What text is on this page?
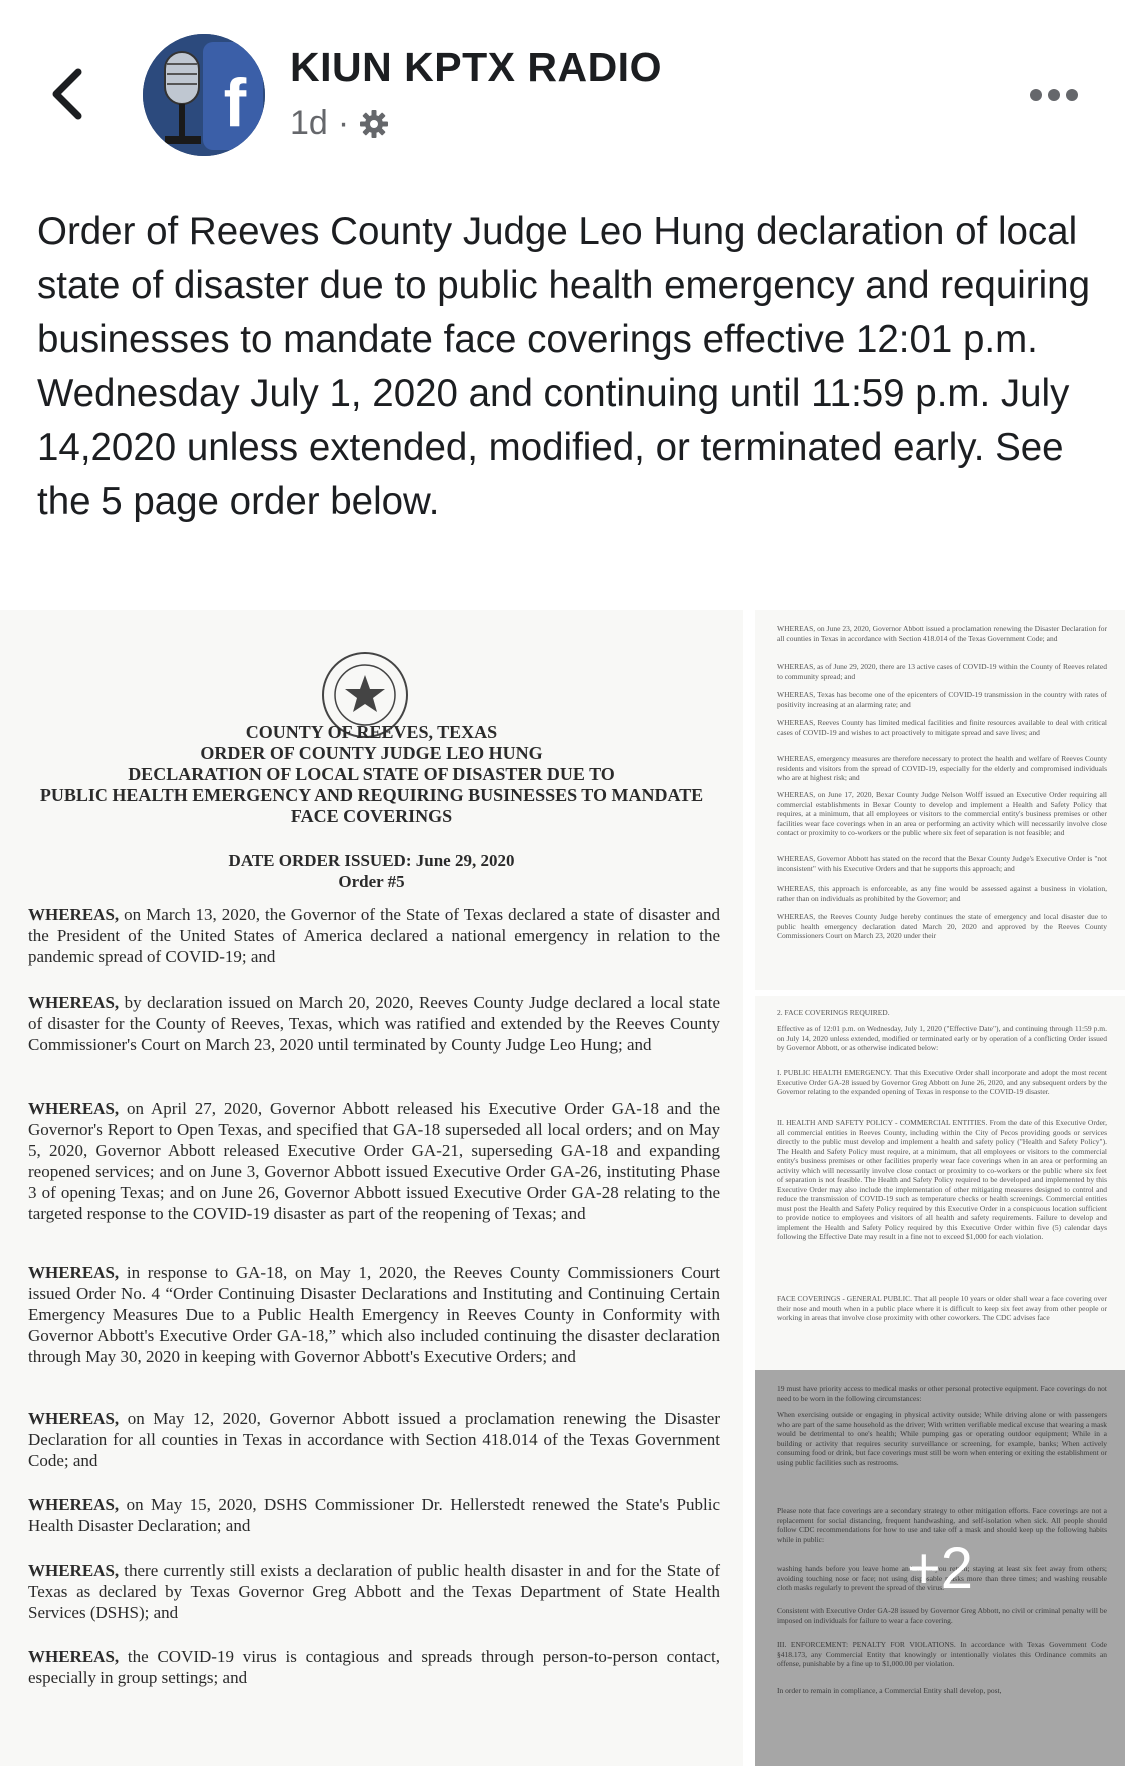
f KIUN KPTX RADIO
1d ·

Order of Reeves County Judge Leo Hung declaration of local state of disaster due to public health emergency and requiring businesses to mandate face coverings effective 12:01 p.m. Wednesday July 1, 2020 and continuing until 11:59 p.m. July 14,2020 unless extended, modified, or terminated early. See the 5 page order below.

COUNTY OF REEVES, TEXAS
ORDER OF COUNTY JUDGE LEO HUNG
DECLARATION OF LOCAL STATE OF DISASTER DUE TO
PUBLIC HEALTH EMERGENCY AND REQUIRING BUSINESSES TO MANDATE
FACE COVERINGS
DATE ORDER ISSUED: June 29, 2020
Order #5
WHEREAS, on March 13, 2020, the Governor of the State of Texas declared a state of disaster and the President of the United States of America declared a national emergency in relation to the pandemic spread of COVID-19; and
WHEREAS, by declaration issued on March 20, 2020, Reeves County Judge declared a local state of disaster for the County of Reeves, Texas, which was ratified and extended by the Reeves County Commissioner's Court on March 23, 2020 until terminated by County Judge Leo Hung; and
WHEREAS, on April 27, 2020, Governor Abbott released his Executive Order GA-18 and the Governor's Report to Open Texas, and specified that GA-18 superseded all local orders; and on May 5, 2020, Governor Abbott released Executive Order GA-21, superseding GA-18 and expanding reopened services; and on June 3, Governor Abbott issued Executive Order GA-26, instituting Phase 3 of opening Texas; and on June 26, Governor Abbott issued Executive Order GA-28 relating to the targeted response to the COVID-19 disaster as part of the reopening of Texas; and
WHEREAS, in response to GA-18, on May 1, 2020, the Reeves County Commissioners Court issued Order No. 4 “Order Continuing Disaster Declarations and Instituting and Continuing Certain Emergency Measures Due to a Public Health Emergency in Reeves County in Conformity with Governor Abbott's Executive Order GA-18,” which also included continuing the disaster declaration through May 30, 2020 in keeping with Governor Abbott's Executive Orders; and
WHEREAS, on May 12, 2020, Governor Abbott issued a proclamation renewing the Disaster Declaration for all counties in Texas in accordance with Section 418.014 of the Texas Government Code; and
WHEREAS, on May 15, 2020, DSHS Commissioner Dr. Hellerstedt renewed the State's Public Health Disaster Declaration; and
WHEREAS, there currently still exists a declaration of public health disaster in and for the State of Texas as declared by Texas Governor Greg Abbott and the Texas Department of State Health Services (DSHS); and
WHEREAS, the COVID-19 virus is contagious and spreads through person-to-person contact, especially in group settings; and
WHEREAS, on June 23, 2020, Governor Abbott issued a proclamation renewing the Disaster Declaration for all counties in Texas in accordance with Section 418.014 of the Texas Government Code; and
WHEREAS, as of June 29, 2020, there are 13 active cases of COVID-19 within the County of Reeves related to community spread; and
WHEREAS, Texas has become one of the epicenters of COVID-19 transmission in the country with rates of positivity increasing at an alarming rate; and
WHEREAS, Reeves County has limited medical facilities and finite resources available to deal with critical cases of COVID-19 and wishes to act proactively to mitigate spread and save lives; and
WHEREAS, emergency measures are therefore necessary to protect the health and welfare of Reeves County residents and visitors from the spread of COVID-19, especially for the elderly and compromised individuals who are at highest risk; and
WHEREAS, on June 17, 2020, Bexar County Judge Nelson Wolff issued an Executive Order requiring all commercial establishments in Bexar County to develop and implement a Health and Safety Policy that requires, at a minimum, that all employees or visitors to the commercial entity's business premises or other facilities wear face coverings when in an area or performing an activity which will necessarily involve close contact or proximity to co-workers or the public where six feet of separation is not feasible; and
WHEREAS, Governor Abbott has stated on the record that the Bexar County Judge's Executive Order is "not inconsistent" with his Executive Orders and that he supports this approach; and
WHEREAS, this approach is enforceable, as any fine would be assessed against a business in violation, rather than on individuals as prohibited by the Governor; and
WHEREAS, the Reeves County Judge hereby continues the state of emergency and local disaster due to public health emergency declaration dated March 20, 2020 and approved by the Reeves County Commissioners Court on March 23, 2020 under their
2. FACE COVERINGS REQUIRED.
Effective as of 12:01 p.m. on Wednesday, July 1, 2020 ("Effective Date"), and continuing through 11:59 p.m. on July 14, 2020 unless extended, modified or terminated early or by operation of a conflicting Order issued by Governor Abbott, or as otherwise indicated below:
I. PUBLIC HEALTH EMERGENCY. That this Executive Order shall incorporate and adopt the most recent Executive Order GA-28 issued by Governor Greg Abbott on June 26, 2020, and any subsequent orders by the Governor relating to the expanded opening of Texas in response to the COVID-19 disaster.
II. HEALTH AND SAFETY POLICY - COMMERCIAL ENTITIES. From the date of this Executive Order, all commercial entities in Reeves County, including within the City of Pecos providing goods or services directly to the public must develop and implement a health and safety policy ("Health and Safety Policy"). The Health and Safety Policy must require, at a minimum, that all employees or visitors to the commercial entity's business premises or other facilities properly wear face coverings when in an area or performing an activity which will necessarily involve close contact or proximity to co-workers or the public where six feet of separation is not feasible. The Health and Safety Policy required to be developed and implemented by this Executive Order may also include the implementation of other mitigating measures designed to control and reduce the transmission of COVID-19 such as temperature checks or health screenings. Commercial entities must post the Health and Safety Policy required by this Executive Order in a conspicuous location sufficient to provide notice to employees and visitors of all health and safety requirements. Failure to develop and implement the Health and Safety Policy required by this Executive Order within five (5) calendar days following the Effective Date may result in a fine not to exceed $1,000 for each violation.
FACE COVERINGS - GENERAL PUBLIC. That all people 10 years or older shall wear a face covering over their nose and mouth when in a public place where it is difficult to keep six feet away from other people or working in areas that involve close proximity with other coworkers. The CDC advises face
19 must have priority access to medical masks or other personal protective equipment. Face coverings do not need to be worn in the following circumstances:
When exercising outside or engaging in physical activity outside; While driving alone or with passengers who are part of the same household as the driver; With written verifiable medical excuse that wearing a mask would be detrimental to one's health; While pumping gas or operating outdoor equipment; While in a building or activity that requires security surveillance or screening, for example, banks; When actively consuming food or drink, but face coverings must still be worn when entering or exiting the establishment or using public facilities such as restrooms.
Please note that face coverings are a secondary strategy to other mitigation efforts. Face coverings are not a replacement for social distancing, frequent handwashing, and self-isolation when sick. All people should follow CDC recommendations for how to use and take off a mask and should keep up the following habits while in public:
washing hands before you leave home and when you return; staying at least six feet away from others; avoiding touching nose or face; not using disposable masks more than three times; and washing reusable cloth masks regularly to prevent the spread of the virus.
Consistent with Executive Order GA-28 issued by Governor Greg Abbott, no civil or criminal penalty will be imposed on individuals for failure to wear a face covering.
III. ENFORCEMENT: PENALTY FOR VIOLATIONS. In accordance with Texas Government Code §418.173, any Commercial Entity that knowingly or intentionally violates this Ordinance commits an offense, punishable by a fine up to $1,000.00 per violation.
In order to remain in compliance, a Commercial Entity shall develop, post,
+2
